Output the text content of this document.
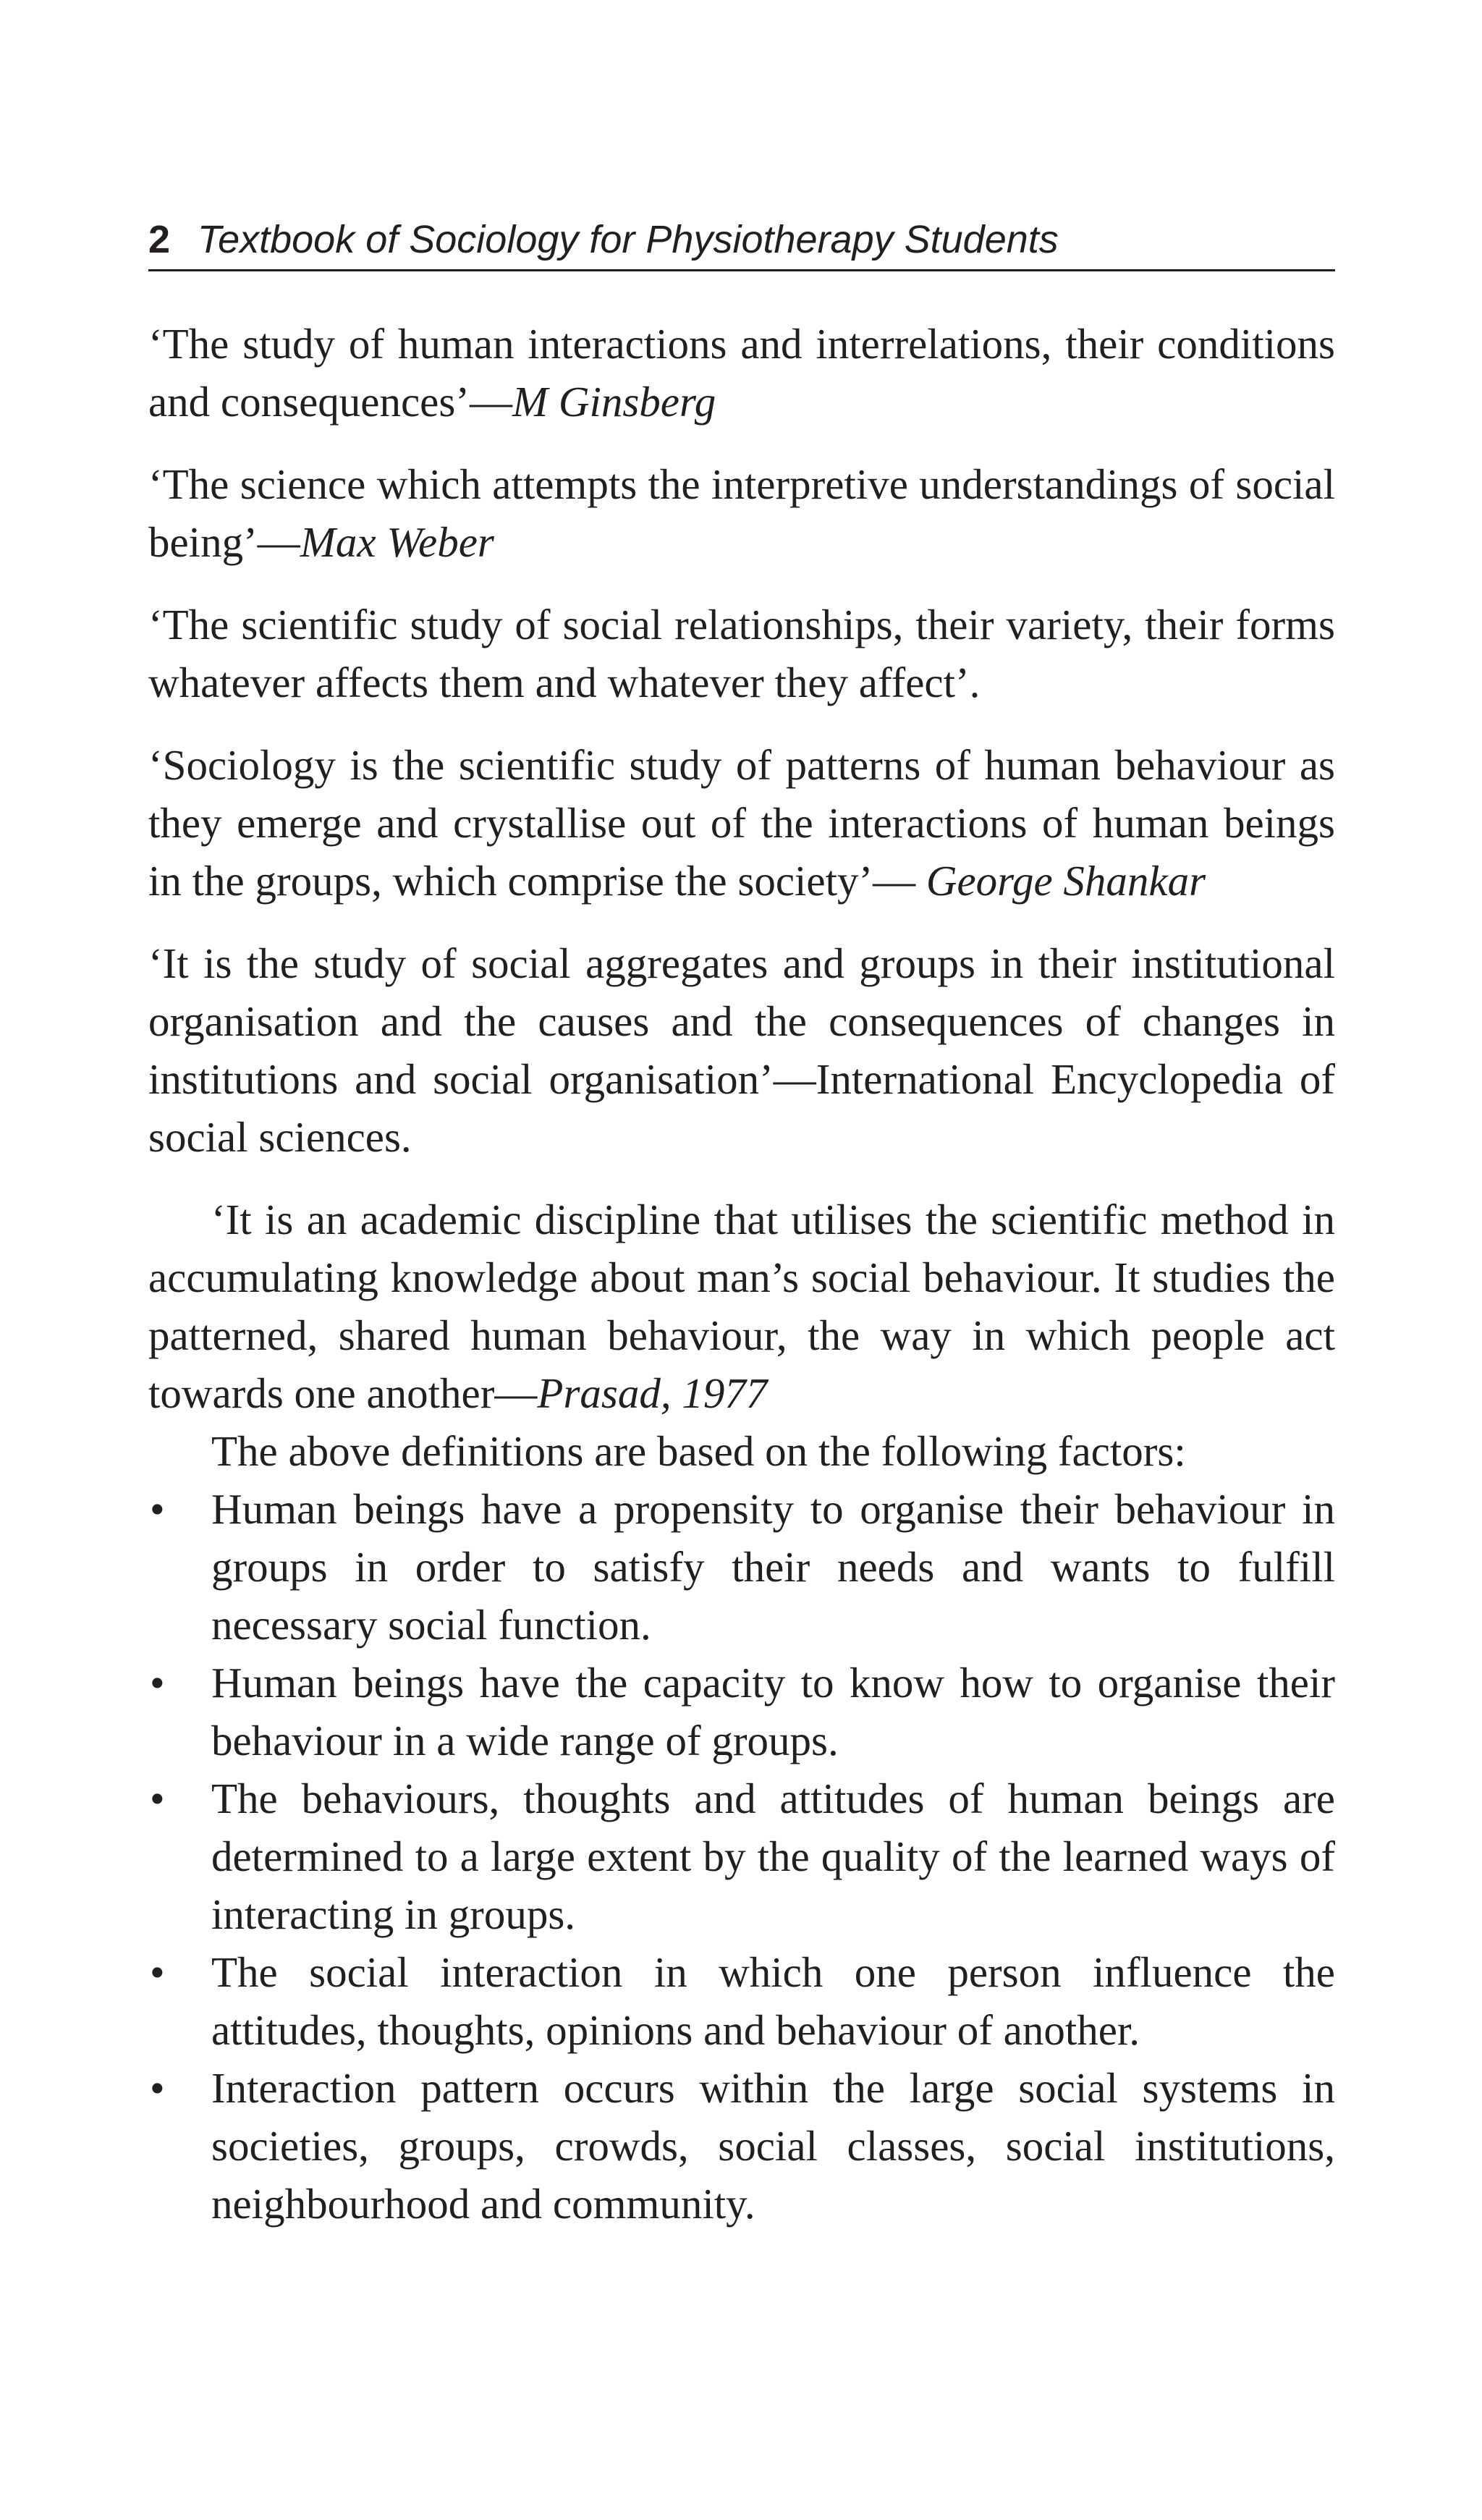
2 Textbook of Sociology for Physiotherapy Students

‘The study of human interactions and interrelations, their conditions and consequences’—M Ginsberg

‘The science which attempts the interpretive understandings of social being’—Max Weber

‘The scientific study of social relationships, their variety, their forms whatever affects them and whatever they affect’.

‘Sociology is the scientific study of patterns of human behaviour as they emerge and crystallise out of the interactions of human beings in the groups, which comprise the society’— George Shankar

‘It is the study of social aggregates and groups in their institutional organisation and the causes and the consequences of changes in institutions and social organisation’—International Encyclopedia of social sciences.

‘It is an academic discipline that utilises the scientific method in accumulating knowledge about man’s social behaviour. It studies the patterned, shared human behaviour, the way in which people act towards one another—Prasad, 1977

The above definitions are based on the following factors:

•	Human beings have a propensity to organise their behaviour in groups in order to satisfy their needs and wants to fulfill necessary social function.
•	Human beings have the capacity to know how to organise their behaviour in a wide range of groups.
•	The behaviours, thoughts and attitudes of human beings are determined to a large extent by the quality of the learned ways of interacting in groups.
•	The social interaction in which one person influence the attitudes, thoughts, opinions and behaviour of another.
•	Interaction pattern occurs within the large social systems in societies, groups, crowds, social classes, social institutions, neighbourhood and community.
